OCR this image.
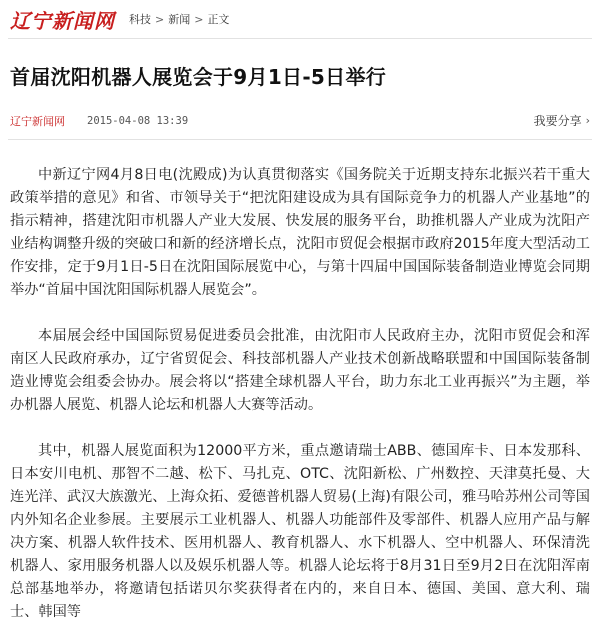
辽宁新闻网 科技 > 新闻 > 正文
首届沈阳机器人展览会于9月1日-5日举行
辽宁新闻网 2015-04-08 13:39	我要分享 ›

中新辽宁网4月8日电(沈殿成)为认真贯彻落实《国务院关于近期支持东北振兴若干重大政策举措的意见》和省、市领导关于“把沈阳建设成为具有国际竞争力的机器人产业基地”的指示精神，搭建沈阳市机器人产业大发展、快发展的服务平台，助推机器人产业成为沈阳产业结构调整升级的突破口和新的经济增长点，沈阳市贸促会根据市政府2015年度大型活动工作安排，定于9月1日-5日在沈阳国际展览中心，与第十四届中国国际装备制造业博览会同期举办“首届中国沈阳国际机器人展览会”。

本届展会经中国国际贸易促进委员会批准，由沈阳市人民政府主办，沈阳市贸促会和浑南区人民政府承办，辽宁省贸促会、科技部机器人产业技术创新战略联盟和中国国际装备制造业博览会组委会协办。展会将以“搭建全球机器人平台，助力东北工业再振兴”为主题，举办机器人展览、机器人论坛和机器人大赛等活动。

其中，机器人展览面积为12000平方米，重点邀请瑞士ABB、德国库卡、日本发那科、日本安川电机、那智不二越、松下、马扎克、OTC、沈阳新松、广州数控、天津莫托曼、大连光洋、武汉大族激光、上海众拓、爱德普机器人贸易(上海)有限公司，雅马哈苏州公司等国内外知名企业参展。主要展示工业机器人、机器人功能部件及零部件、机器人应用产品与解决方案、机器人软件技术、医用机器人、教育机器人、水下机器人、空中机器人、环保清洗机器人、家用服务机器人以及娱乐机器人等。机器人论坛将于8月31日至9月2日在沈阳浑南总部基地举办，将邀请包括诺贝尔奖获得者在内的，来自日本、德国、美国、意大利、瑞士、韩国等
